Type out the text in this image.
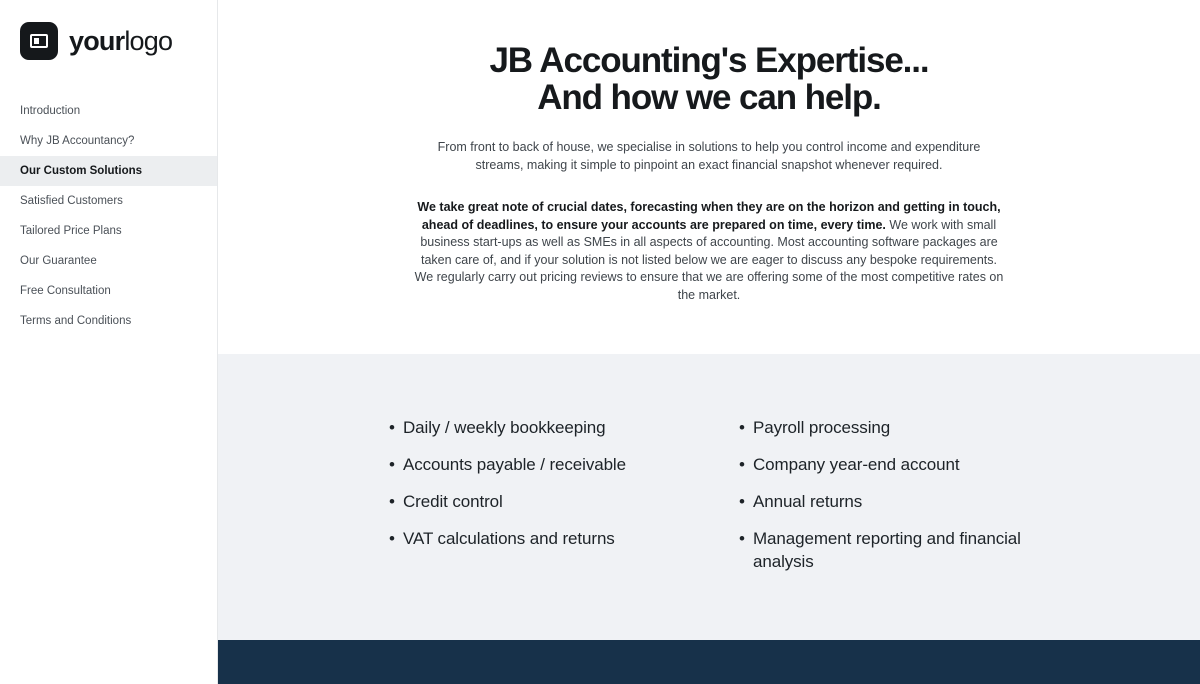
yourlogo
Introduction
Why JB Accountancy?
Our Custom Solutions
Satisfied Customers
Tailored Price Plans
Our Guarantee
Free Consultation
Terms and Conditions
JB Accounting's Expertise...
And how we can help.

From front to back of house, we specialise in solutions to help you control income and expenditure streams, making it simple to pinpoint an exact financial snapshot whenever required.

We take great note of crucial dates, forecasting when they are on the horizon and getting in touch, ahead of deadlines, to ensure your accounts are prepared on time, every time. We work with small business start-ups as well as SMEs in all aspects of accounting. Most accounting software packages are taken care of, and if your solution is not listed below we are eager to discuss any bespoke requirements. We regularly carry out pricing reviews to ensure that we are offering some of the most competitive rates on the market.

• Daily / weekly bookkeeping
• Accounts payable / receivable
• Credit control
• VAT calculations and returns
• Payroll processing
• Company year-end account
• Annual returns
• Management reporting and financial analysis
